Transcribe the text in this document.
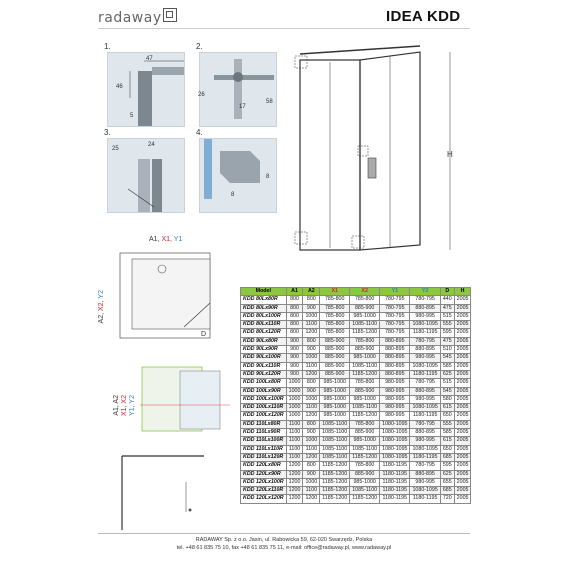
radaway	IDEA KDD
1.
47
46
5
2.
26
17
58
3.
25
24
4.
8
8
H
A1, X1, Y1
A2, X2, Y2
D
A1, A2 X1, X2 Y1, Y2
Model	A1	A2	X1	X2	Y1	Y2	D	H
KDD 80Lx80R	800	800	785-800	785-800	780-795	780-795	440	2005
KDD 80Lx90R	800	900	785-800	885-900	780-795	880-895	475	2005
KDD 80Lx100R	800	1000	785-800	985-1000	780-795	980-995	515	2005
KDD 80Lx110R	800	1100	785-800	1085-1100	780-795	1080-1095	555	2005
KDD 80Lx120R	800	1200	785-800	1185-1200	780-795	1180-1195	595	2005
KDD 90Lx80R	900	800	885-900	785-800	880-895	780-795	475	2005
KDD 90Lx90R	900	900	885-900	885-900	880-895	880-895	510	2005
KDD 90Lx100R	900	1000	885-900	985-1000	880-895	980-995	545	2005
KDD 90Lx110R	900	1100	885-900	1085-1100	880-895	1080-1095	585	2005
KDD 90Lx120R	900	1200	885-900	1185-1200	880-895	1180-1195	625	2005
KDD 100Lx80R	1000	800	985-1000	785-800	980-995	780-795	515	2005
KDD 100Lx90R	1000	900	985-1000	885-900	980-995	880-895	545	2005
KDD 100Lx100R	1000	1000	985-1000	985-1000	980-995	980-995	580	2005
KDD 100Lx110R	1000	1100	985-1000	1085-1100	980-995	1080-1095	615	2005
KDD 100Lx120R	1000	1200	985-1000	1185-1200	980-995	1180-1195	650	2005
KDD 110Lx80R	1100	800	1085-1100	785-800	1080-1095	780-795	555	2005
KDD 110Lx90R	1100	900	1085-1100	885-900	1080-1095	880-895	585	2005
KDD 110Lx100R	1100	1000	1085-1100	985-1000	1080-1095	980-995	615	2005
KDD 110Lx110R	1100	1100	1085-1100	1085-1100	1080-1095	1080-1095	650	2005
KDD 110Lx120R	1100	1200	1085-1100	1185-1200	1080-1095	1180-1195	685	2005
KDD 120Lx80R	1200	800	1185-1200	785-800	1180-1195	780-795	595	2005
KDD 120Lx90R	1200	900	1185-1200	885-900	1180-1195	880-895	625	2005
KDD 120Lx100R	1200	1000	1185-1200	985-1000	1180-1195	980-995	655	2005
KDD 120Lx110R	1200	1100	1185-1200	1085-1100	1180-1195	1080-1095	685	2005
KDD 120Lx120R	1200	1200	1185-1200	1185-1200	1180-1195	1180-1195	720	2005
RADAWAY Sp. z o.o. Jasin, ul. Rabowicka 59, 62-020 Swarzędz, Polska
tel. +48 61 835 75 10, fax +48 61 835 75 11, e-mail: office@radaway.pl, www.radaway.pl
